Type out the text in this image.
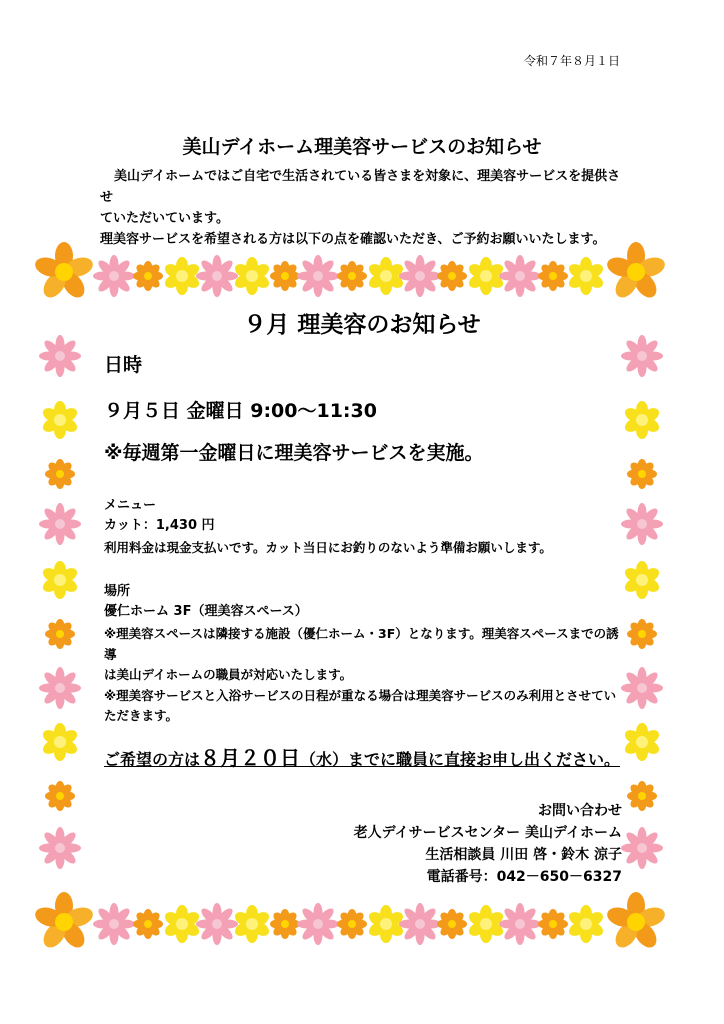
令和７年８月１日
美山デイホーム理美容サービスのお知らせ

美山デイホームではご自宅で生活されている皆さまを対象に、理美容サービスを提供させ

ていただいています。

理美容サービスを希望される方は以下の点を確認いただき、ご予約お願いいたします。

９月 理美容のお知らせ
日時
９月５日 金曜日 9:00～11:30
※毎週第一金曜日に理美容サービスを実施。
メニュー
カット：1,430 円
利用料金は現金支払いです。カット当日にお釣りのないよう準備お願いします。
場所
優仁ホーム 3F（理美容スペース）
※理美容スペースは隣接する施設（優仁ホーム・3F）となります。理美容スペースまでの誘導
は美山デイホームの職員が対応いたします。
※理美容サービスと入浴サービスの日程が重なる場合は理美容サービスのみ利用とさせてい
ただきます。
ご希望の方は８月２０日（水）までに職員に直接お申し出ください。
お問い合わせ
老人デイサービスセンター 美山デイホーム
生活相談員 川田 啓・鈴木 涼子
電話番号：042－650－6327
